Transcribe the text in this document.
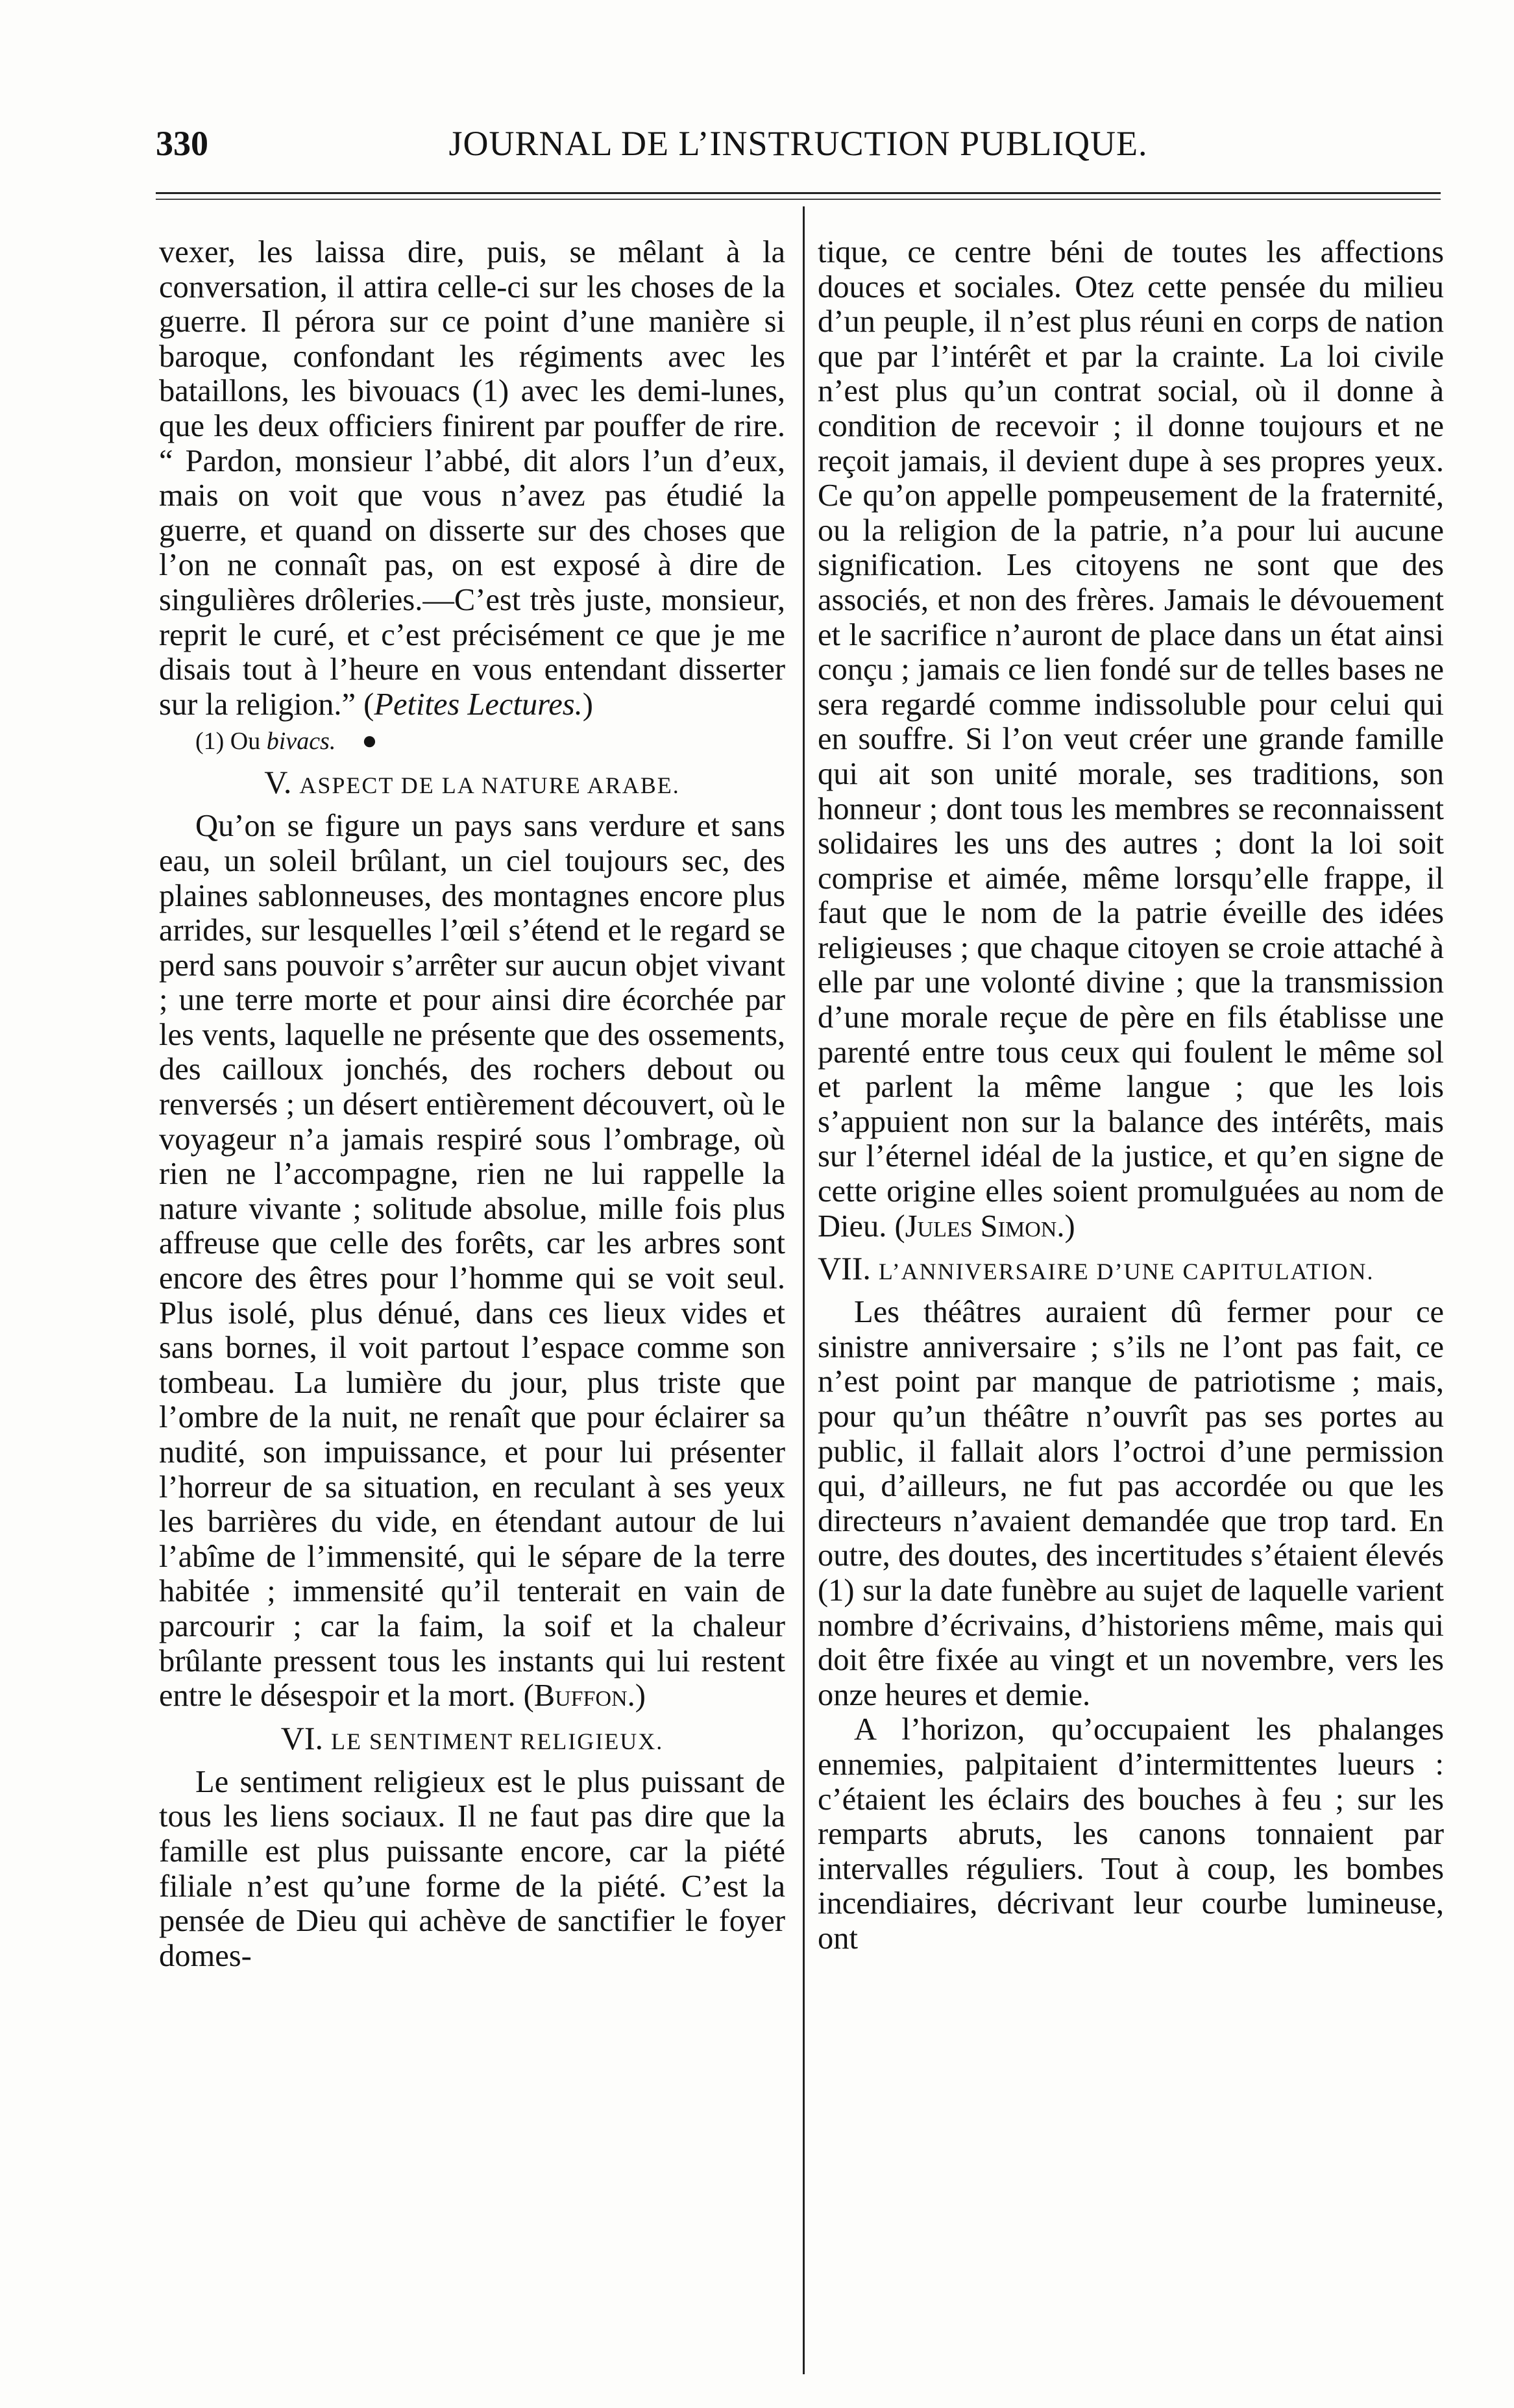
330	JOURNAL DE L’INSTRUCTION PUBLIQUE.

vexer, les laissa dire, puis, se mêlant à la conversation, il attira celle-ci sur les choses de la guerre. Il pérora sur ce point d’une manière si baroque, confondant les régiments avec les bataillons, les bivouacs (1) avec les demi-lunes, que les deux officiers finirent par pouffer de rire. “ Pardon, monsieur l’abbé, dit alors l’un d’eux, mais on voit que vous n’avez pas étudié la guerre, et quand on disserte sur des choses que l’on ne connaît pas, on est exposé à dire de singulières drôleries.—C’est très juste, monsieur, reprit le curé, et c’est précisément ce que je me disais tout à l’heure en vous entendant disserter sur la religion.” (Petites Lectures.)

(1) Ou bivacs. ●
V. ASPECT DE LA NATURE ARABE.

Qu’on se figure un pays sans verdure et sans eau, un soleil brûlant, un ciel toujours sec, des plaines sablonneuses, des montagnes encore plus arrides, sur lesquelles l’œil s’étend et le regard se perd sans pouvoir s’arrêter sur aucun objet vivant ; une terre morte et pour ainsi dire écorchée par les vents, laquelle ne présente que des ossements, des cailloux jonchés, des rochers debout ou renversés ; un désert entièrement découvert, où le voyageur n’a jamais respiré sous l’ombrage, où rien ne l’accompagne, rien ne lui rappelle la nature vivante ; solitude absolue, mille fois plus affreuse que celle des forêts, car les arbres sont encore des êtres pour l’homme qui se voit seul. Plus isolé, plus dénué, dans ces lieux vides et sans bornes, il voit partout l’espace comme son tombeau. La lumière du jour, plus triste que l’ombre de la nuit, ne renaît que pour éclairer sa nudité, son impuissance, et pour lui présenter l’horreur de sa situation, en reculant à ses yeux les barrières du vide, en étendant autour de lui l’abîme de l’immensité, qui le sépare de la terre habitée ; immensité qu’il tenterait en vain de parcourir ; car la faim, la soif et la chaleur brûlante pressent tous les instants qui lui restent entre le désespoir et la mort. (Buffon.)

VI. LE SENTIMENT RELIGIEUX.

Le sentiment religieux est le plus puissant de tous les liens sociaux. Il ne faut pas dire que la famille est plus puissante encore, car la piété filiale n’est qu’une forme de la piété. C’est la pensée de Dieu qui achève de sanctifier le foyer domes-

tique, ce centre béni de toutes les affections douces et sociales. Otez cette pensée du milieu d’un peuple, il n’est plus réuni en corps de nation que par l’intérêt et par la crainte. La loi civile n’est plus qu’un contrat social, où il donne à condition de recevoir ; il donne toujours et ne reçoit jamais, il devient dupe à ses propres yeux. Ce qu’on appelle pompeusement de la fraternité, ou la religion de la patrie, n’a pour lui aucune signification. Les citoyens ne sont que des associés, et non des frères. Jamais le dévouement et le sacrifice n’auront de place dans un état ainsi conçu ; jamais ce lien fondé sur de telles bases ne sera regardé comme indissoluble pour celui qui en souffre. Si l’on veut créer une grande famille qui ait son unité morale, ses traditions, son honneur ; dont tous les membres se reconnaissent solidaires les uns des autres ; dont la loi soit comprise et aimée, même lorsqu’elle frappe, il faut que le nom de la patrie éveille des idées religieuses ; que chaque citoyen se croie attaché à elle par une volonté divine ; que la transmission d’une morale reçue de père en fils établisse une parenté entre tous ceux qui foulent le même sol et parlent la même langue ; que les lois s’appuient non sur la balance des intérêts, mais sur l’éternel idéal de la justice, et qu’en signe de cette origine elles soient promulguées au nom de Dieu. (Jules Simon.)

VII. L’ANNIVERSAIRE D’UNE CAPITULATION.

Les théâtres auraient dû fermer pour ce sinistre anniversaire ; s’ils ne l’ont pas fait, ce n’est point par manque de patriotisme ; mais, pour qu’un théâtre n’ouvrît pas ses portes au public, il fallait alors l’octroi d’une permission qui, d’ailleurs, ne fut pas accordée ou que les directeurs n’avaient demandée que trop tard. En outre, des doutes, des incertitudes s’étaient élevés (1) sur la date funèbre au sujet de laquelle varient nombre d’écrivains, d’historiens même, mais qui doit être fixée au vingt et un novembre, vers les onze heures et demie.

A l’horizon, qu’occupaient les phalanges ennemies, palpitaient d’intermittentes lueurs : c’étaient les éclairs des bouches à feu ; sur les remparts abruts, les canons tonnaient par intervalles réguliers. Tout à coup, les bombes incendiaires, décrivant leur courbe lumineuse, ont
